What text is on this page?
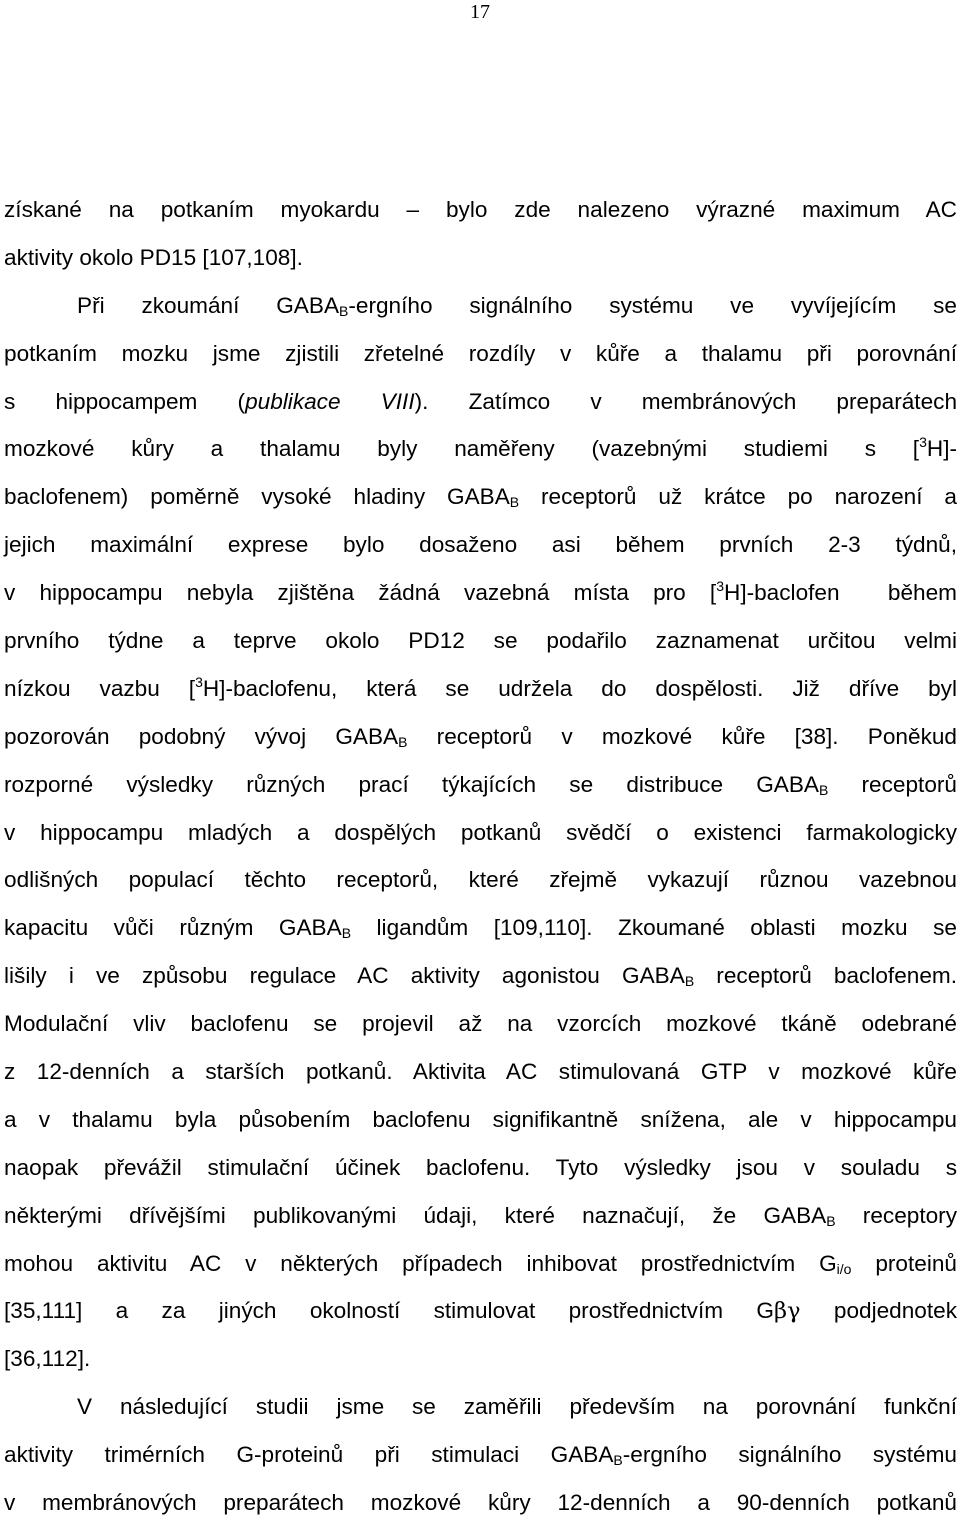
17
získané na potkaním myokardu – bylo zde nalezeno výrazné maximum AC
aktivity okolo PD15 [107,108].
Při zkoumání $GABA_B$-ergního signálního systému ve vyvíjejícím se
potkaním mozku jsme zjistili zřetelné rozdíly v kůře a thalamu při porovnání
s hippocampem (publikace VIII). Zatímco v membránových preparátech
mozkové kůry a thalamu byly naměřeny (vazebnými studiemi s [$^3$H]-
baclofenem) poměrně vysoké hladiny $GABA_B$ receptorů už krátce po narození a
jejich maximální exprese bylo dosaženo asi během prvních 2-3 týdnů,
v hippocampu nebyla zjištěna žádná vazebná místa pro [$^3$H]-baclofen  během
prvního týdne a teprve okolo PD12 se podařilo zaznamenat určitou velmi
nízkou vazbu [$^3$H]-baclofenu, která se udržela do dospělosti. Již dříve byl
pozorován podobný vývoj $GABA_B$ receptorů v mozkové kůře [38]. Poněkud
rozporné výsledky různých prací týkajících se distribuce $GABA_B$ receptorů
v hippocampu mladých a dospělých potkanů svědčí o existenci farmakologicky
odlišných populací těchto receptorů, které zřejmě vykazují různou vazebnou
kapacitu vůči různým $GABA_B$ ligandům [109,110]. Zkoumané oblasti mozku se
lišily i ve způsobu regulace AC aktivity agonistou $GABA_B$ receptorů baclofenem.
Modulační vliv baclofenu se projevil až na vzorcích mozkové tkáně odebrané
z 12-denních a starších potkanů. Aktivita AC stimulovaná GTP v mozkové kůře
a v thalamu byla působením baclofenu signifikantně snížena, ale v hippocampu
naopak převážil stimulační účinek baclofenu. Tyto výsledky jsou v souladu s
některými dřívějšími publikovanými údaji, které naznačují, že $GABA_B$ receptory
mohou aktivitu AC v některých případech inhibovat prostřednictvím $G_{i/o}$ proteinů
[35,111] a za jiných okolností stimulovat prostřednictvím Gβγ podjednotek
[36,112].
V následující studii jsme se zaměřili především na porovnání funkční
aktivity trimérních G-proteinů při stimulaci $GABA_B$-ergního signálního systému
v membránových preparátech mozkové kůry 12-denních a 90-denních potkanů
